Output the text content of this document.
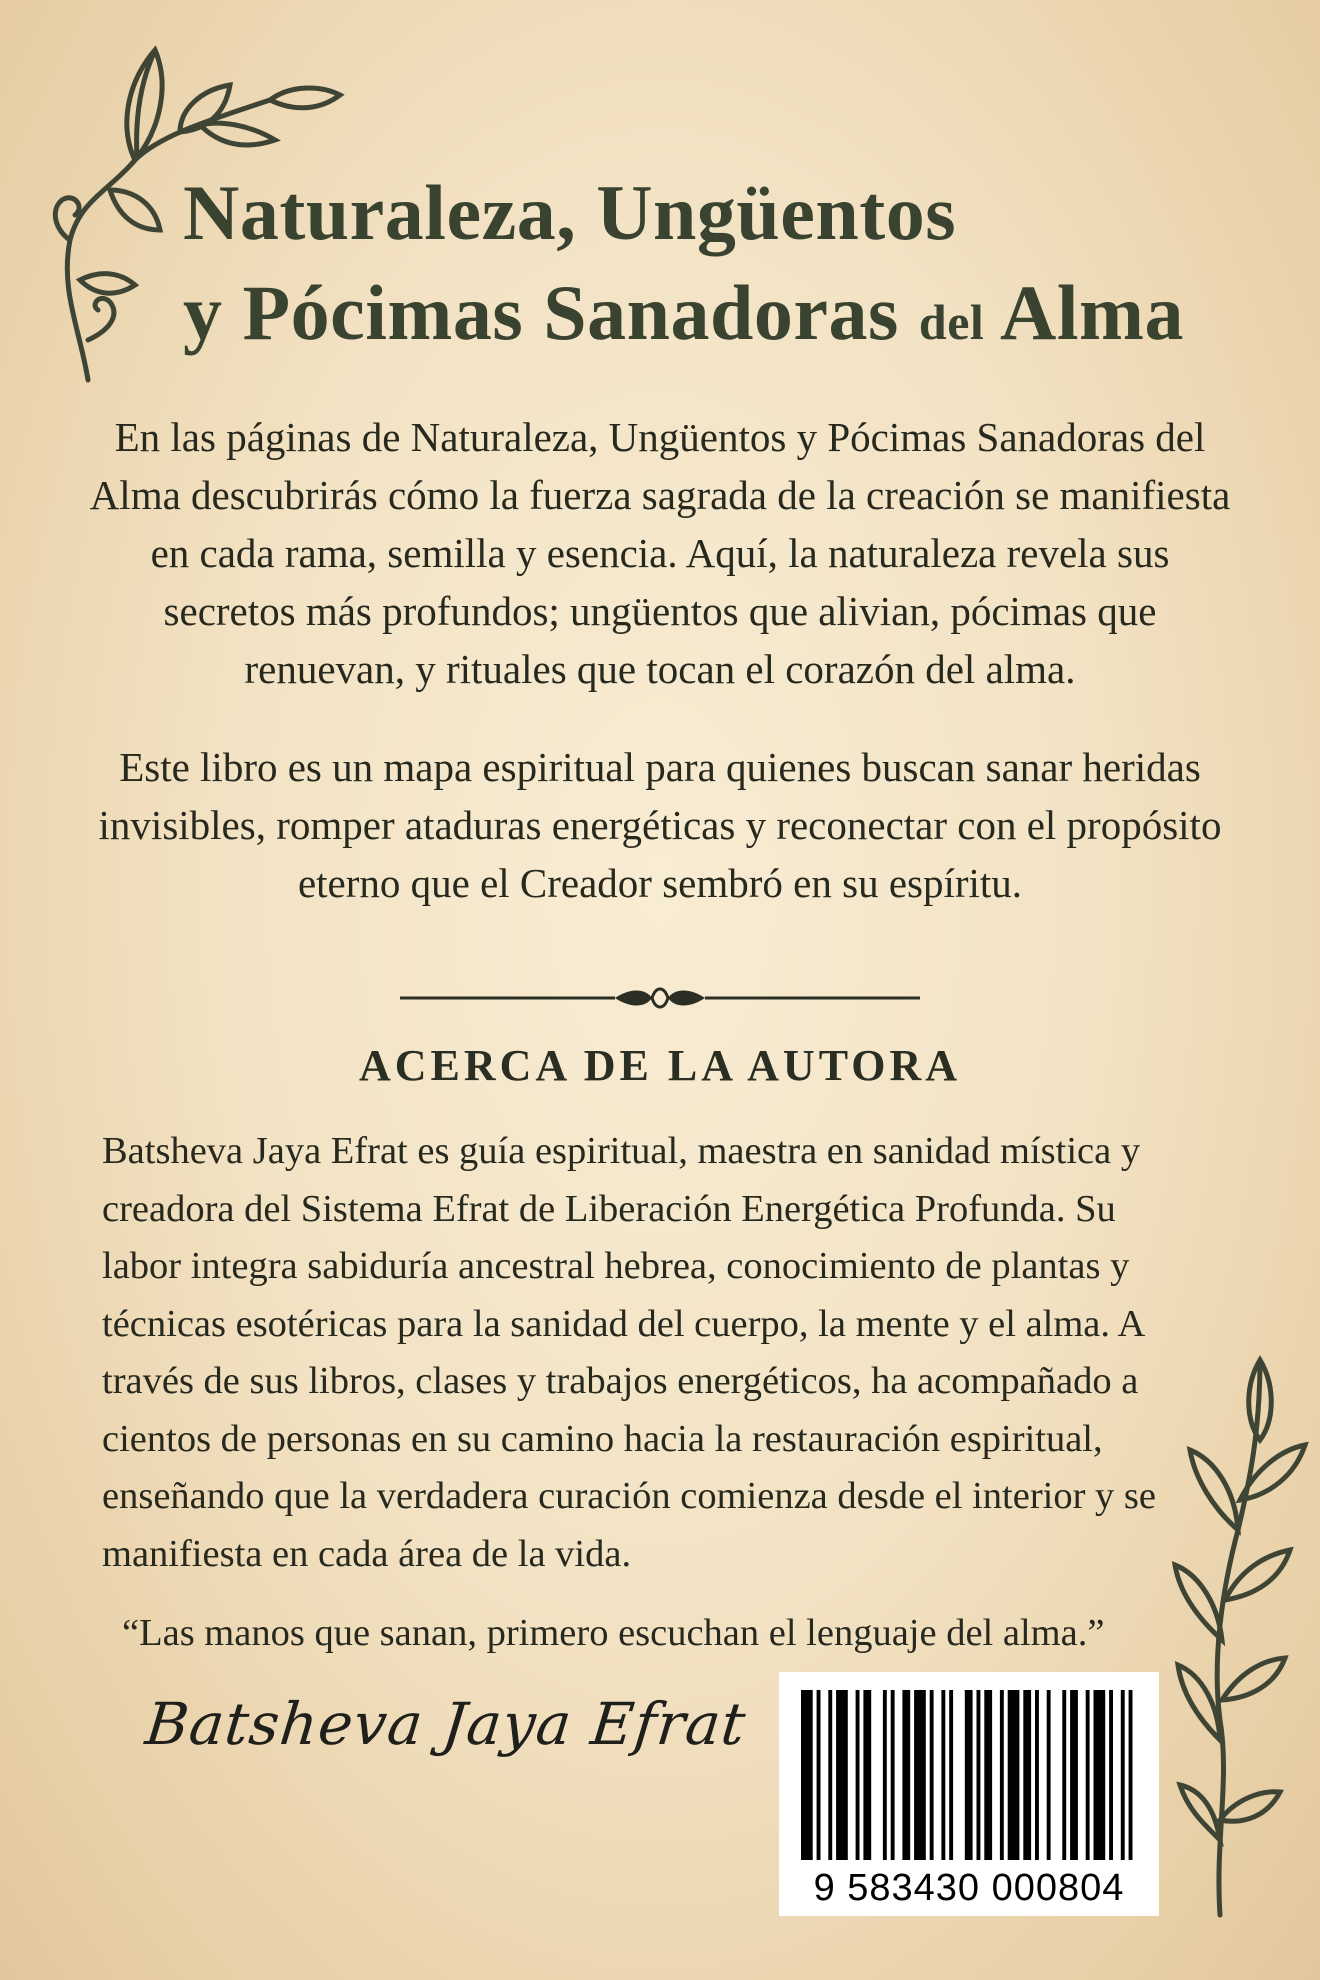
Naturaleza, Ungüentos
y Pócimas Sanadoras del Alma

En las páginas de Naturaleza, Ungüentos y Pócimas Sanadoras del Alma descubrirás cómo la fuerza sagrada de la creación se manifiesta en cada rama, semilla y esencia. Aquí, la naturaleza revela sus secretos más profundos; ungüentos que alivian, pócimas que renuevan, y rituales que tocan el corazón del alma.

Este libro es un mapa espiritual para quienes buscan sanar heridas invisibles, romper ataduras energéticas y reconectar con el propósito eterno que el Creador sembró en su espíritu.

ACERCA DE LA AUTORA

Batsheva Jaya Efrat es guía espiritual, maestra en sanidad mística y creadora del Sistema Efrat de Liberación Energética Profunda. Su labor integra sabiduría ancestral hebrea, conocimiento de plantas y técnicas esotéricas para la sanidad del cuerpo, la mente y el alma. A través de sus libros, clases y trabajos energéticos, ha acompañado a cientos de personas en su camino hacia la restauración espiritual, enseñando que la verdadera curación comienza desde el interior y se manifiesta en cada área de la vida.

“Las manos que sanan, primero escuchan el lenguaje del alma.”
Batsheva Jaya Efrat
9 583430 000804
